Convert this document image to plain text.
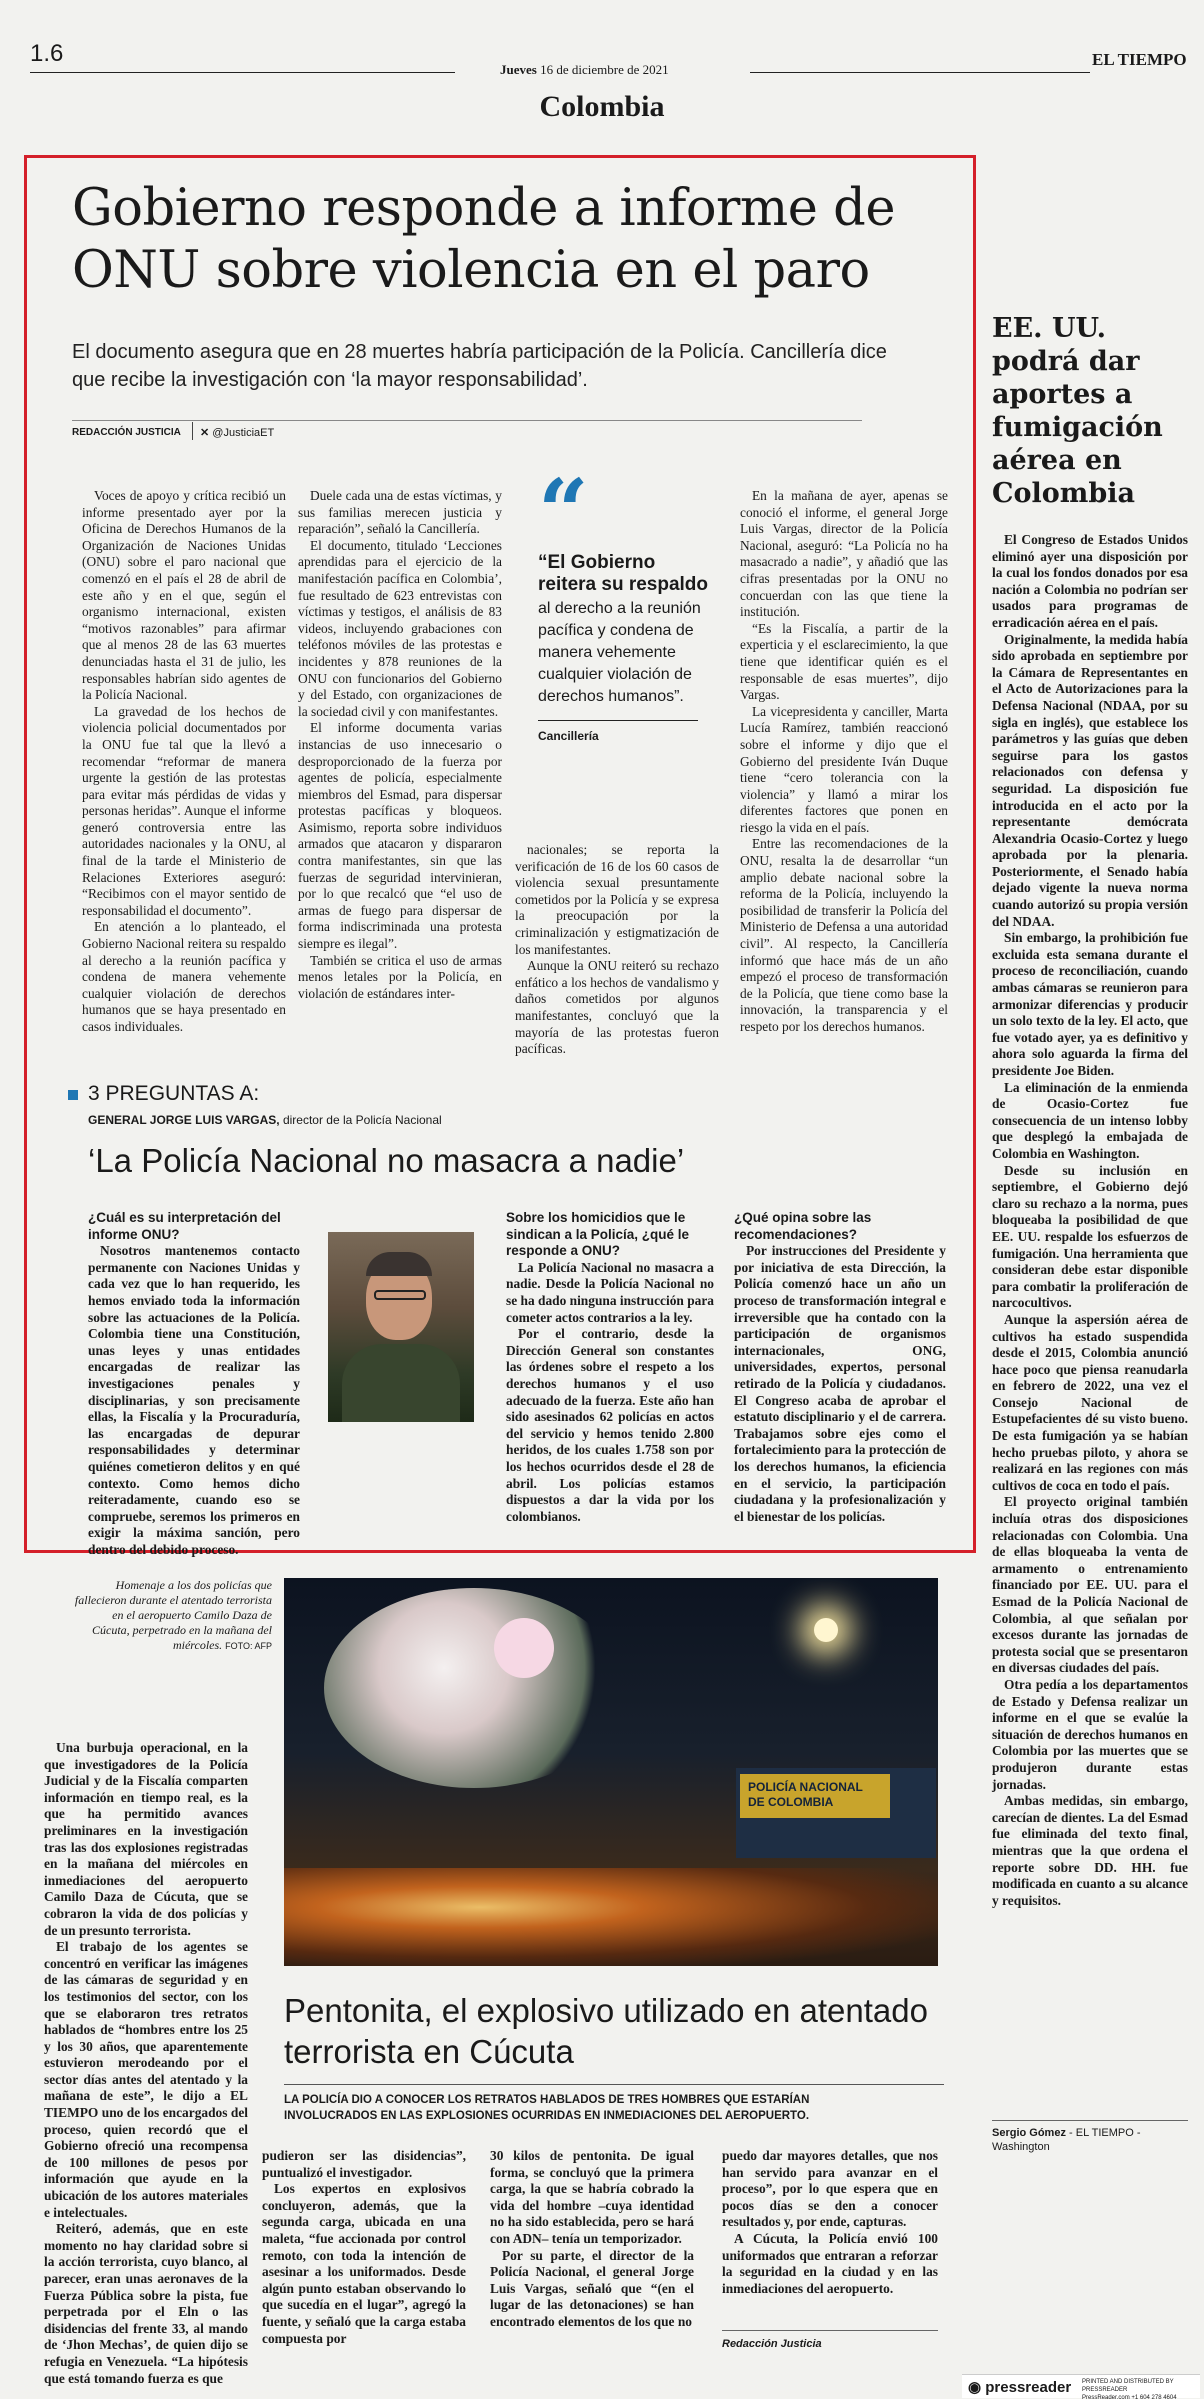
1.6
Jueves 16 de diciembre de 2021
EL TIEMPO
Colombia
Gobierno responde a informe de ONU sobre violencia en el paro
El documento asegura que en 28 muertes habría participación de la Policía. Cancillería dice que recibe la investigación con ‘la mayor responsabilidad’.
REDACCIÓN JUSTICIA ✕ @JusticiaET

Voces de apoyo y crítica recibió un informe presentado ayer por la Oficina de Derechos Humanos de la Organización de Naciones Unidas (ONU) sobre el paro nacional que comenzó en el país el 28 de abril de este año y en el que, según el organismo internacional, existen “motivos razonables” para afirmar que al menos 28 de las 63 muertes denunciadas hasta el 31 de julio, les responsables habrían sido agentes de la Policía Nacional.

La gravedad de los hechos de violencia policial documentados por la ONU fue tal que la llevó a recomendar “reformar de manera urgente la gestión de las protestas para evitar más pérdidas de vidas y personas heridas”. Aunque el informe generó controversia entre las autoridades nacionales y la ONU, al final de la tarde el Ministerio de Relaciones Exteriores aseguró: “Recibimos con el mayor sentido de responsabilidad el documento”.

En atención a lo planteado, el Gobierno Nacional reitera su respaldo al derecho a la reunión pacífica y condena de manera vehemente cualquier violación de derechos humanos que se haya presentado en casos individuales.

Duele cada una de estas víctimas, y sus familias merecen justicia y reparación”, señaló la Cancillería.

El documento, titulado ‘Lecciones aprendidas para el ejercicio de la manifestación pacífica en Colombia’, fue resultado de 623 entrevistas con víctimas y testigos, el análisis de 83 videos, incluyendo grabaciones con teléfonos móviles de las protestas e incidentes y 878 reuniones de la ONU con funcionarios del Gobierno y del Estado, con organizaciones de la sociedad civil y con manifestantes.

El informe documenta varias instancias de uso innecesario o desproporcionado de la fuerza por agentes de policía, especialmente miembros del Esmad, para dispersar protestas pacíficas y bloqueos. Asimismo, reporta sobre individuos armados que atacaron y dispararon contra manifestantes, sin que las fuerzas de seguridad intervinieran, por lo que recalcó que “el uso de armas de fuego para dispersar de forma indiscriminada una protesta siempre es ilegal”.

También se critica el uso de armas menos letales por la Policía, en violación de estándares inter-

“
“El Gobierno reitera su respaldo
al derecho a la reunión pacífica y condena de manera vehemente cualquier violación de derechos humanos”.
Cancillería

nacionales; se reporta la verificación de 16 de los 60 casos de violencia sexual presuntamente cometidos por la Policía y se expresa la preocupación por la criminalización y estigmatización de los manifestantes.

Aunque la ONU reiteró su rechazo enfático a los hechos de vandalismo y daños cometidos por algunos manifestantes, concluyó que la mayoría de las protestas fueron pacíficas.

En la mañana de ayer, apenas se conoció el informe, el general Jorge Luis Vargas, director de la Policía Nacional, aseguró: “La Policía no ha masacrado a nadie”, y añadió que las cifras presentadas por la ONU no concuerdan con las que tiene la institución.

“Es la Fiscalía, a partir de la experticia y el esclarecimiento, la que tiene que identificar quién es el responsable de esas muertes”, dijo Vargas.

La vicepresidenta y canciller, Marta Lucía Ramírez, también reaccionó sobre el informe y dijo que el Gobierno del presidente Iván Duque tiene “cero tolerancia con la violencia” y llamó a mirar los diferentes factores que ponen en riesgo la vida en el país.

Entre las recomendaciones de la ONU, resalta la de desarrollar “un amplio debate nacional sobre la reforma de la Policía, incluyendo la posibilidad de transferir la Policía del Ministerio de Defensa a una autoridad civil”. Al respecto, la Cancillería informó que hace más de un año empezó el proceso de transformación de la Policía, que tiene como base la innovación, la transparencia y el respeto por los derechos humanos.

3 PREGUNTAS A:
GENERAL JORGE LUIS VARGAS, director de la Policía Nacional
‘La Policía Nacional no masacra a nadie’

¿Cuál es su interpretación del informe ONU?

Nosotros mantenemos contacto permanente con Naciones Unidas y cada vez que lo han requerido, les hemos enviado toda la información sobre las actuaciones de la Policía. Colombia tiene una Constitución, unas leyes y unas entidades encargadas de realizar las investigaciones penales y disciplinarias, y son precisamente ellas, la Fiscalía y la Procuraduría, las encargadas de depurar responsabilidades y determinar quiénes cometieron delitos y en qué contexto. Como hemos dicho reiteradamente, cuando eso se compruebe, seremos los primeros en exigir la máxima sanción, pero dentro del debido proceso.

Sobre los homicidios que le sindican a la Policía, ¿qué le responde a ONU?

La Policía Nacional no masacra a nadie. Desde la Policía Nacional no se ha dado ninguna instrucción para cometer actos contrarios a la ley.

Por el contrario, desde la Dirección General son constantes las órdenes sobre el respeto a los derechos humanos y el uso adecuado de la fuerza. Este año han sido asesinados 62 policías en actos del servicio y hemos tenido 2.800 heridos, de los cuales 1.758 son por los hechos ocurridos desde el 28 de abril. Los policías estamos dispuestos a dar la vida por los colombianos.

¿Qué opina sobre las recomendaciones?

Por instrucciones del Presidente y por iniciativa de esta Dirección, la Policía comenzó hace un año un proceso de transformación integral e irreversible que ha contado con la participación de organismos internacionales, ONG, universidades, expertos, personal retirado de la Policía y ciudadanos. El Congreso acaba de aprobar el estatuto disciplinario y el de carrera. Trabajamos sobre ejes como el fortalecimiento para la protección de los derechos humanos, la eficiencia en el servicio, la participación ciudadana y la profesionalización y el bienestar de los policías.

EE. UU. podrá dar aportes a fumigación aérea en Colombia

El Congreso de Estados Unidos eliminó ayer una disposición por la cual los fondos donados por esa nación a Colombia no podrían ser usados para programas de erradicación aérea en el país.

Originalmente, la medida había sido aprobada en septiembre por la Cámara de Representantes en el Acto de Autorizaciones para la Defensa Nacional (NDAA, por su sigla en inglés), que establece los parámetros y las guías que deben seguirse para los gastos relacionados con defensa y seguridad. La disposición fue introducida en el acto por la representante demócrata Alexandria Ocasio-Cortez y luego aprobada por la plenaria. Posteriormente, el Senado había dejado vigente la nueva norma cuando autorizó su propia versión del NDAA.

Sin embargo, la prohibición fue excluida esta semana durante el proceso de reconciliación, cuando ambas cámaras se reunieron para armonizar diferencias y producir un solo texto de la ley. El acto, que fue votado ayer, ya es definitivo y ahora solo aguarda la firma del presidente Joe Biden.

La eliminación de la enmienda de Ocasio-Cortez fue consecuencia de un intenso lobby que desplegó la embajada de Colombia en Washington.

Desde su inclusión en septiembre, el Gobierno dejó claro su rechazo a la norma, pues bloqueaba la posibilidad de que EE. UU. respalde los esfuerzos de fumigación. Una herramienta que consideran debe estar disponible para combatir la proliferación de narcocultivos.

Aunque la aspersión aérea de cultivos ha estado suspendida desde el 2015, Colombia anunció hace poco que piensa reanudarla en febrero de 2022, una vez el Consejo Nacional de Estupefacientes dé su visto bueno. De esta fumigación ya se habían hecho pruebas piloto, y ahora se realizará en las regiones con más cultivos de coca en todo el país.

El proyecto original también incluía otras dos disposiciones relacionadas con Colombia. Una de ellas bloqueaba la venta de armamento o entrenamiento financiado por EE. UU. para el Esmad de la Policía Nacional de Colombia, al que señalan por excesos durante las jornadas de protesta social que se presentaron en diversas ciudades del país.

Otra pedía a los departamentos de Estado y Defensa realizar un informe en el que se evalúe la situación de derechos humanos en Colombia por las muertes que se produjeron durante estas jornadas.

Ambas medidas, sin embargo, carecían de dientes. La del Esmad fue eliminada del texto final, mientras que la que ordena el reporte sobre DD. HH. fue modificada en cuanto a su alcance y requisitos.

Sergio Gómez - EL TIEMPO - Washington
Homenaje a los dos policías que fallecieron durante el atentado terrorista en el aeropuerto Camilo Daza de Cúcuta, perpetrado en la mañana del miércoles. FOTO: AFP
POLICÍA NACIONAL DE COLOMBIA
Pentonita, el explosivo utilizado en atentado terrorista en Cúcuta
LA POLICÍA DIO A CONOCER LOS RETRATOS HABLADOS DE TRES HOMBRES QUE ESTARÍAN INVOLUCRADOS EN LAS EXPLOSIONES OCURRIDAS EN INMEDIACIONES DEL AEROPUERTO.

Una burbuja operacional, en la que investigadores de la Policía Judicial y de la Fiscalía comparten información en tiempo real, es la que ha permitido avances preliminares en la investigación tras las dos explosiones registradas en la mañana del miércoles en inmediaciones del aeropuerto Camilo Daza de Cúcuta, que se cobraron la vida de dos policías y de un presunto terrorista.

El trabajo de los agentes se concentró en verificar las imágenes de las cámaras de seguridad y en los testimonios del sector, con los que se elaboraron tres retratos hablados de “hombres entre los 25 y los 30 años, que aparentemente estuvieron merodeando por el sector días antes del atentado y la mañana de este”, le dijo a EL TIEMPO uno de los encargados del proceso, quien recordó que el Gobierno ofreció una recompensa de 100 millones de pesos por información que ayude en la ubicación de los autores materiales e intelectuales.

Reiteró, además, que en este momento no hay claridad sobre si la acción terrorista, cuyo blanco, al parecer, eran unas aeronaves de la Fuerza Pública sobre la pista, fue perpetrada por el Eln o las disidencias del frente 33, al mando de ‘Jhon Mechas’, de quien dijo se refugia en Venezuela. “La hipótesis que está tomando fuerza es que

pudieron ser las disidencias”, puntualizó el investigador.

Los expertos en explosivos concluyeron, además, que la segunda carga, ubicada en una maleta, “fue accionada por control remoto, con toda la intención de asesinar a los uniformados. Desde algún punto estaban observando lo que sucedía en el lugar”, agregó la fuente, y señaló que la carga estaba compuesta por

30 kilos de pentonita. De igual forma, se concluyó que la primera carga, la que se habría cobrado la vida del hombre –cuya identidad no ha sido establecida, pero se hará con ADN– tenía un temporizador.

Por su parte, el director de la Policía Nacional, el general Jorge Luis Vargas, señaló que “(en el lugar de las detonaciones) se han encontrado elementos de los que no

puedo dar mayores detalles, que nos han servido para avanzar en el proceso”, por lo que espera que en pocos días se den a conocer resultados y, por ende, capturas.

A Cúcuta, la Policía envió 100 uniformados que entraran a reforzar la seguridad en la ciudad y en las inmediaciones del aeropuerto.

Redacción Justicia
◉ pressreader PRINTED AND DISTRIBUTED BY PRESSREADER
PressReader.com +1 604 278 4604
